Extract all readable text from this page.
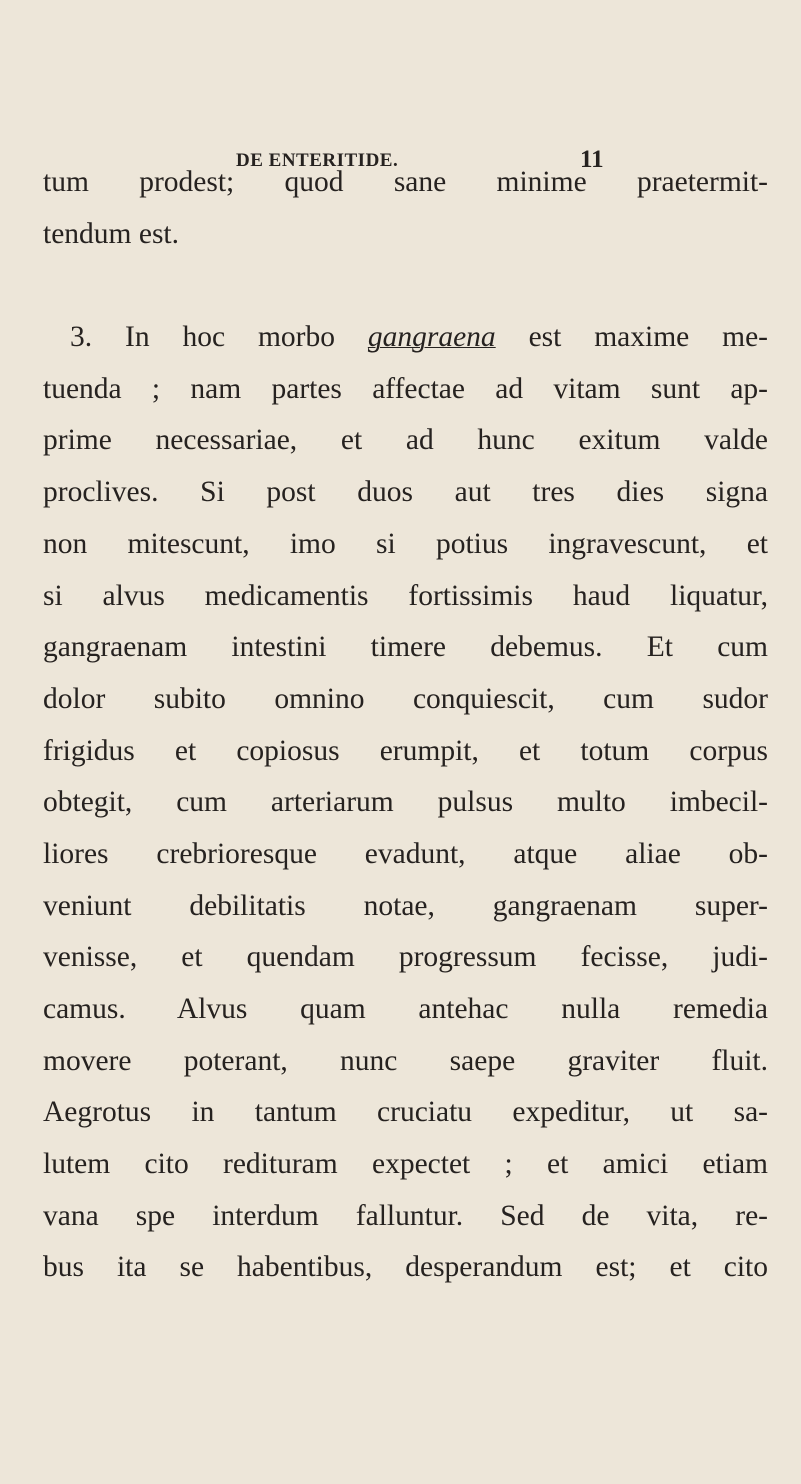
DE ENTERITIDE.	11
tum prodest; quod sane minime praetermit-
tendum est.
3. In hoc morbo gangraena est maxime me-
tuenda ; nam partes affectae ad vitam sunt ap-
prime necessariae, et ad hunc exitum valde
proclives. Si post duos aut tres dies signa
non mitescunt, imo si potius ingravescunt, et
si alvus medicamentis fortissimis haud liquatur,
gangraenam intestini timere debemus. Et cum
dolor subito omnino conquiescit, cum sudor
frigidus et copiosus erumpit, et totum corpus
obtegit, cum arteriarum pulsus multo imbecil-
liores crebrioresque evadunt, atque aliae ob-
veniunt debilitatis notae, gangraenam super-
venisse, et quendam progressum fecisse, judi-
camus. Alvus quam antehac nulla remedia
movere poterant, nunc saepe graviter fluit.
Aegrotus in tantum cruciatu expeditur, ut sa-
lutem cito redituram expectet ; et amici etiam
vana spe interdum falluntur. Sed de vita, re-
bus ita se habentibus, desperandum est; et cito
